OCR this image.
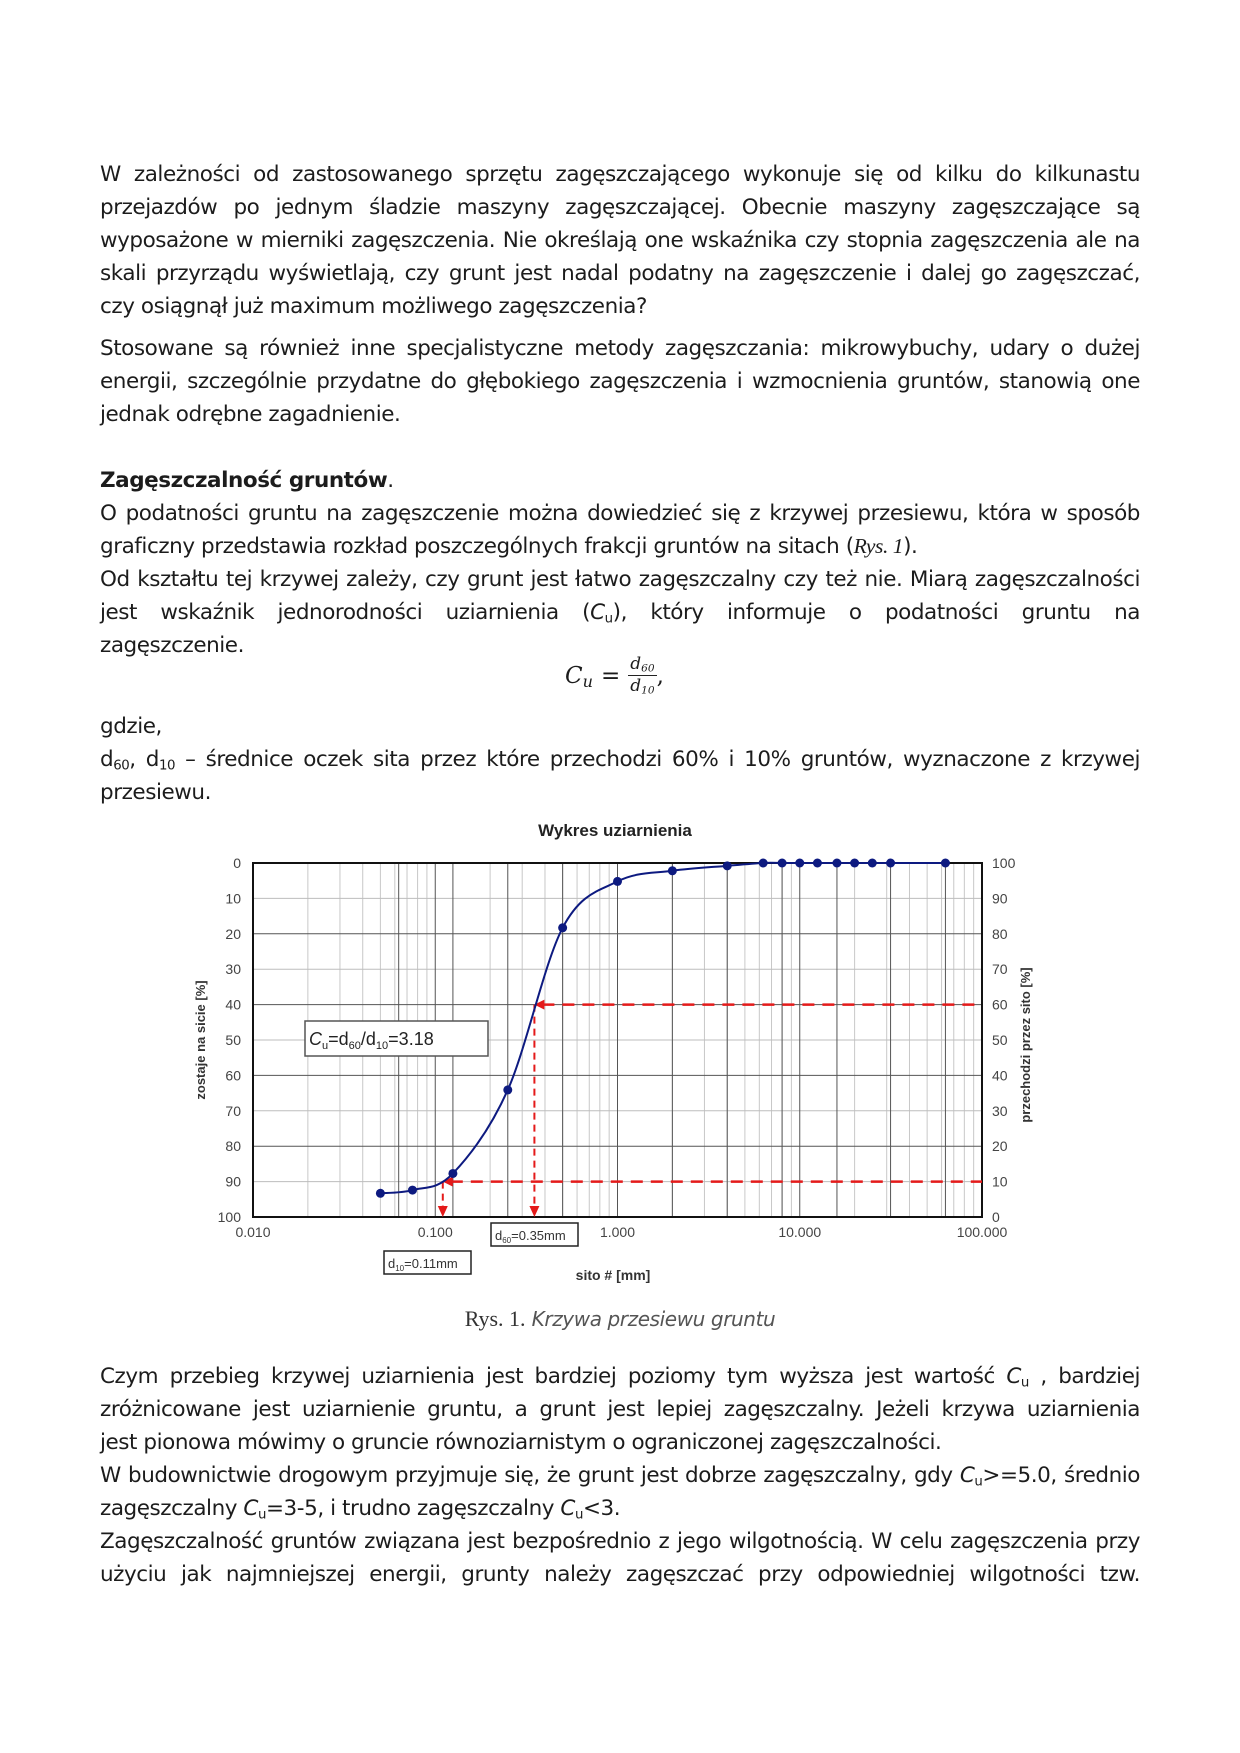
W zależności od zastosowanego sprzętu zagęszczającego wykonuje się od kilku do kilkunastu
przejazdów po jednym śladzie maszyny zagęszczającej. Obecnie maszyny zagęszczające są
wyposażone w mierniki zagęszczenia. Nie określają one wskaźnika czy stopnia zagęszczenia ale na
skali przyrządu wyświetlają, czy grunt jest nadal podatny na zagęszczenie i dalej go zagęszczać,
czy osiągnął już maximum możliwego zagęszczenia?
Stosowane są również inne specjalistyczne metody zagęszczania: mikrowybuchy, udary o dużej
energii, szczególnie przydatne do głębokiego zagęszczenia i wzmocnienia gruntów, stanowią one
jednak odrębne zagadnienie.
Zagęszczalność gruntów.
O podatności gruntu na zagęszczenie można dowiedzieć się z krzywej przesiewu, która w sposób
graficzny przedstawia rozkład poszczególnych frakcji gruntów na sitach (Rys. 1).
Od kształtu tej krzywej zależy, czy grunt jest łatwo zagęszczalny czy też nie. Miarą zagęszczalności
jest wskaźnik jednorodności uziarnienia $(C_u)$, który informuje o podatności gruntu na
zagęszczenie.
$C_u = \frac{d_{60}}{d_{10}}$ ,
gdzie,
$d_{60}$, $d_{10}$ – średnice oczek sita przez które przechodzi 60% i 10% gruntów, wyznaczone z krzywej
przesiewu.
Wykres uziarnienia
0
10
20
30
40
50
60
70
80
90
100
100
90
80
70
60
50
40
30
20
10
0
0.010	0.100	1.000	10.000	100.000
zostaje na sicie [%]	przechodzi przez sito [%]
sito # [mm]
$C_u=d_{60}/d_{10}=3.18$
$d_{60}=0.35mm$
$d_{10}=0.11mm$
Rys. 1. Krzywa przesiewu gruntu
Czym przebieg krzywej uziarnienia jest bardziej poziomy tym wyższa jest wartość $C_u$ , bardziej
zróżnicowane jest uziarnienie gruntu, a grunt jest lepiej zagęszczalny. Jeżeli krzywa uziarnienia
jest pionowa mówimy o gruncie równoziarnistym o ograniczonej zagęszczalności.
W budownictwie drogowym przyjmuje się, że grunt jest dobrze zagęszczalny, gdy $C_u>=5.0$, średnio
zagęszczalny $C_u=3-5$, i trudno zagęszczalny $C_u<3$.
Zagęszczalność gruntów związana jest bezpośrednio z jego wilgotnością. W celu zagęszczenia przy
użyciu jak najmniejszej energii, grunty należy zagęszczać przy odpowiedniej wilgotności tzw.
